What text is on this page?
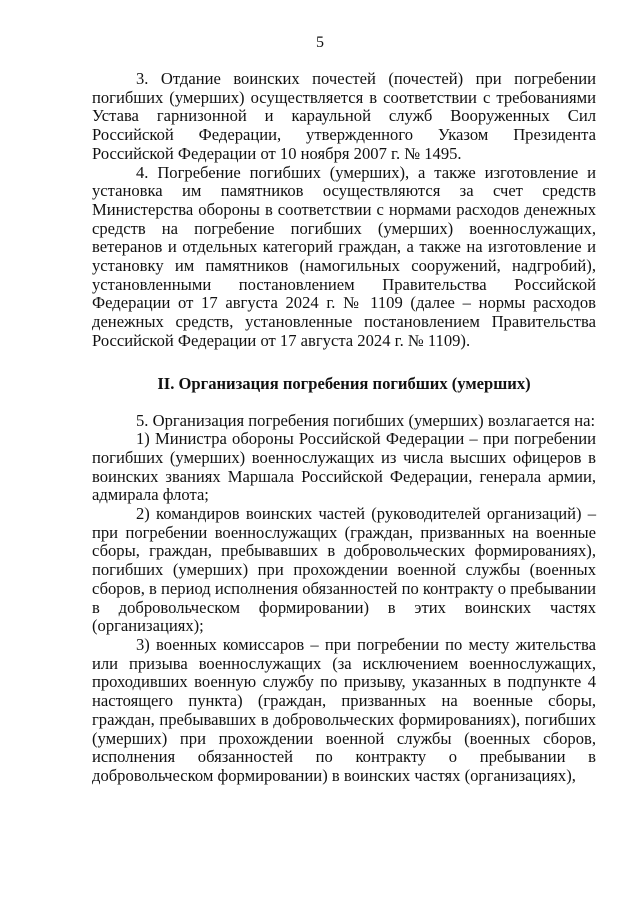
5

3. Отдание воинских почестей (почестей) при погребении погибших (умерших) осуществляется в соответствии с требованиями Устава гарнизонной и караульной служб Вооруженных Сил Российской Федерации, утвержденного Указом Президента Российской Федерации от 10 ноября 2007 г. № 1495.

4. Погребение погибших (умерших), а также изготовление и установка им памятников осуществляются за счет средств Министерства обороны в соответствии с нормами расходов денежных средств на погребение погибших (умерших) военнослужащих, ветеранов и отдельных категорий граждан, а также на изготовление и установку им памятников (намогильных сооружений, надгробий), установленными постановлением Правительства Российской Федерации от 17 августа 2024 г. № 1109 (далее – нормы расходов денежных средств, установленные постановлением Правительства Российской Федерации от 17 августа 2024 г. № 1109).

II. Организация погребения погибших (умерших)

5. Организация погребения погибших (умерших) возлагается на:

1) Министра обороны Российской Федерации – при погребении погибших (умерших) военнослужащих из числа высших офицеров в воинских званиях Маршала Российской Федерации, генерала армии, адмирала флота;

2) командиров воинских частей (руководителей организаций) – при погребении военнослужащих (граждан, призванных на военные сборы, граждан, пребывавших в добровольческих формированиях), погибших (умерших) при прохождении военной службы (военных сборов, в период исполнения обязанностей по контракту о пребывании в добровольческом формировании) в этих воинских частях (организациях);

3) военных комиссаров – при погребении по месту жительства или призыва военнослужащих (за исключением военнослужащих, проходивших военную службу по призыву, указанных в подпункте 4 настоящего пункта) (граждан, призванных на военные сборы, граждан, пребывавших в добровольческих формированиях), погибших (умерших) при прохождении военной службы (военных сборов, исполнения обязанностей по контракту о пребывании в добровольческом формировании) в воинских частях (организациях),
